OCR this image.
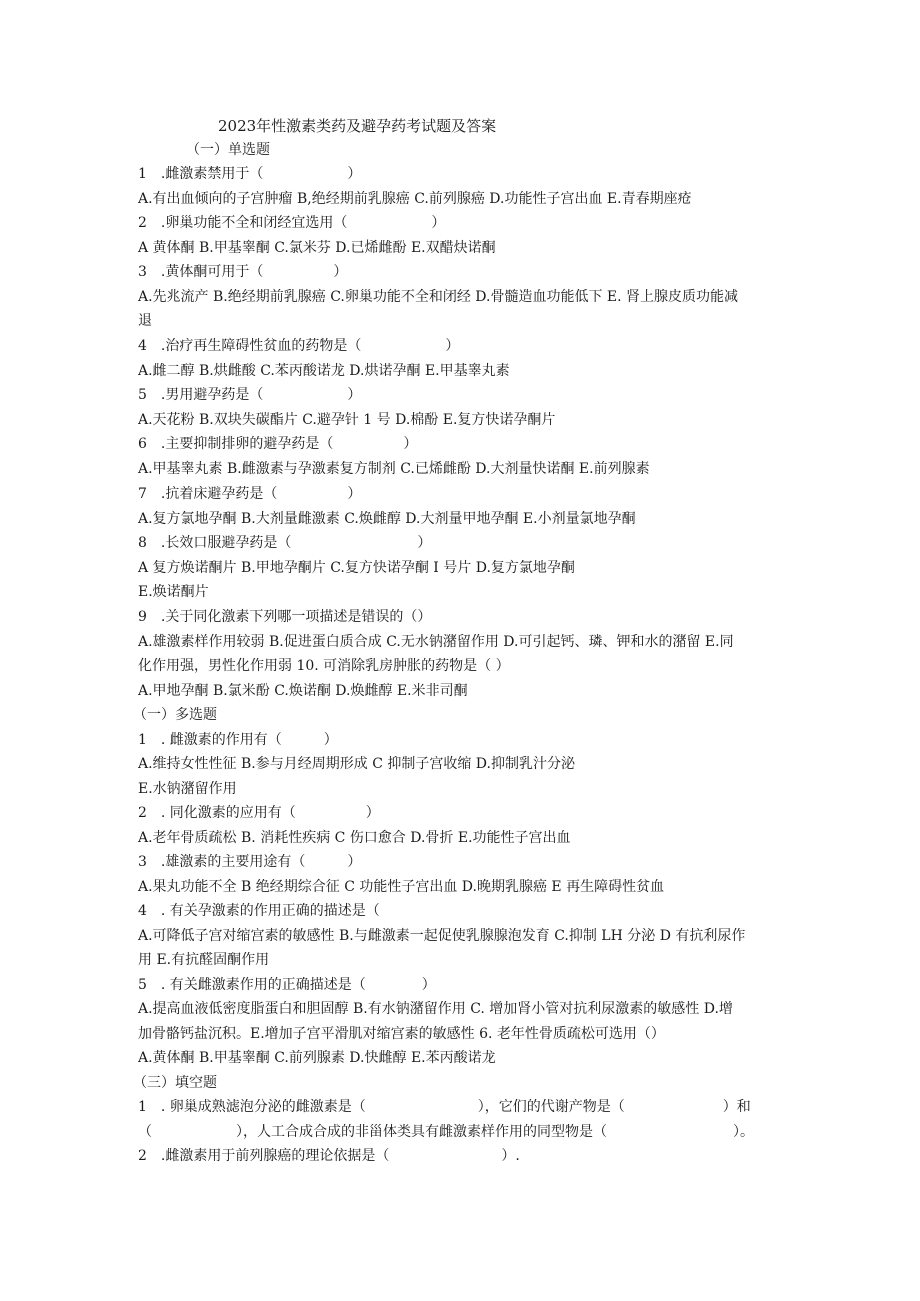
2023年性激素类药及避孕药考试题及答案
（一）单选题
1　.雌激素禁用于（　　　　　　）
A.有出血倾向的子宫肿瘤 B,绝经期前乳腺癌 C.前列腺癌 D.功能性子宫出血 E.青春期座疮
2　.卵巢功能不全和闭经宜选用（　　　　　　）
A 黄体酮 B.甲基睾酮 C.氯米芬 D.已烯雌酚 E.双醋炔诺酮
3　.黄体酮可用于（　　　　　）
A.先兆流产 B.绝经期前乳腺癌 C.卵巢功能不全和闭经 D.骨髓造血功能低下 E. 肾上腺皮质功能减
退
4　.治疗再生障碍性贫血的药物是（　　　　　　）
A.雌二醇 B.烘雌酸 C.苯丙酸诺龙 D.烘诺孕酮 E.甲基睾丸素
5　.男用避孕药是（　　　　　　）
A.天花粉 B.双块失碳酯片 C.避孕针 1 号 D.棉酚 E.复方快诺孕酮片
6　.主要抑制排卵的避孕药是（　　　　　）
A.甲基睾丸素 B.雌激素与孕激素复方制剂 C.已烯雌酚 D.大剂量快诺酮 E.前列腺素
7　.抗着床避孕药是（　　　　　）
A.复方氯地孕酮 B.大剂量雌激素 C.焕雌醇 D.大剂量甲地孕酮 E.小剂量氯地孕酮
8　.长效口服避孕药是（　　　　　　　　　）
A 复方焕诺酮片 B.甲地孕酮片 C.复方快诺孕酮 I 号片 D.复方氯地孕酮
E.焕诺酮片
9　.关于同化激素下列哪一项描述是错误的（）
A.雄激素样作用较弱 B.促进蛋白质合成 C.无水钠潴留作用 D.可引起钙、璘、钾和水的潴留 E.同
化作用强，男性化作用弱 10. 可消除乳房肿胀的药物是（ ）
A.甲地孕酮 B.氯米酚 C.焕诺酮 D.焕雌醇 E.米非司酮
（一）多选题
1　. 雌激素的作用有（　　　）
A.维持女性性征 B.参与月经周期形成 C 抑制子宫收缩 D.抑制乳汁分泌
E.水钠潴留作用
2　. 同化激素的应用有（　　　　　）
A.老年骨质疏松 B. 消耗性疾病 C 伤口愈合 D.骨折 E.功能性子宫出血
3　.雄激素的主要用途有（　　　）
A.果丸功能不全 B 绝经期综合征 C 功能性子宫出血 D.晚期乳腺癌 E 再生障碍性贫血
4　. 有关孕激素的作用正确的描述是（
A.可降低子宫对缩宫素的敏感性 B.与雌激素一起促使乳腺腺泡发育 C.抑制 LH 分泌 D 有抗利尿作
用 E.有抗醛固酮作用
5　. 有关雌激素作用的正确描述是（　　　　）
A.提高血液低密度脂蛋白和胆固醇 B.有水钠潴留作用 C. 增加肾小管对抗利尿激素的敏感性 D.增
加骨骼钙盐沉积。E.增加子宫平滑肌对缩宫素的敏感性 6. 老年性骨质疏松可选用（）
A.黄体酮 B.甲基睾酮 C.前列腺素 D.快雌醇 E.苯丙酸诺龙
（三）填空题
1　. 卵巢成熟滤泡分泌的雌激素是（　　　　　　　　），它们的代谢产物是（　　　　　　　）和
（　　　　　　），人工合成合成的非甾体类具有雌激素样作用的同型物是（　　　　　　　　　）。
2　.雌激素用于前列腺癌的理论依据是（　　　　　　　　）.
